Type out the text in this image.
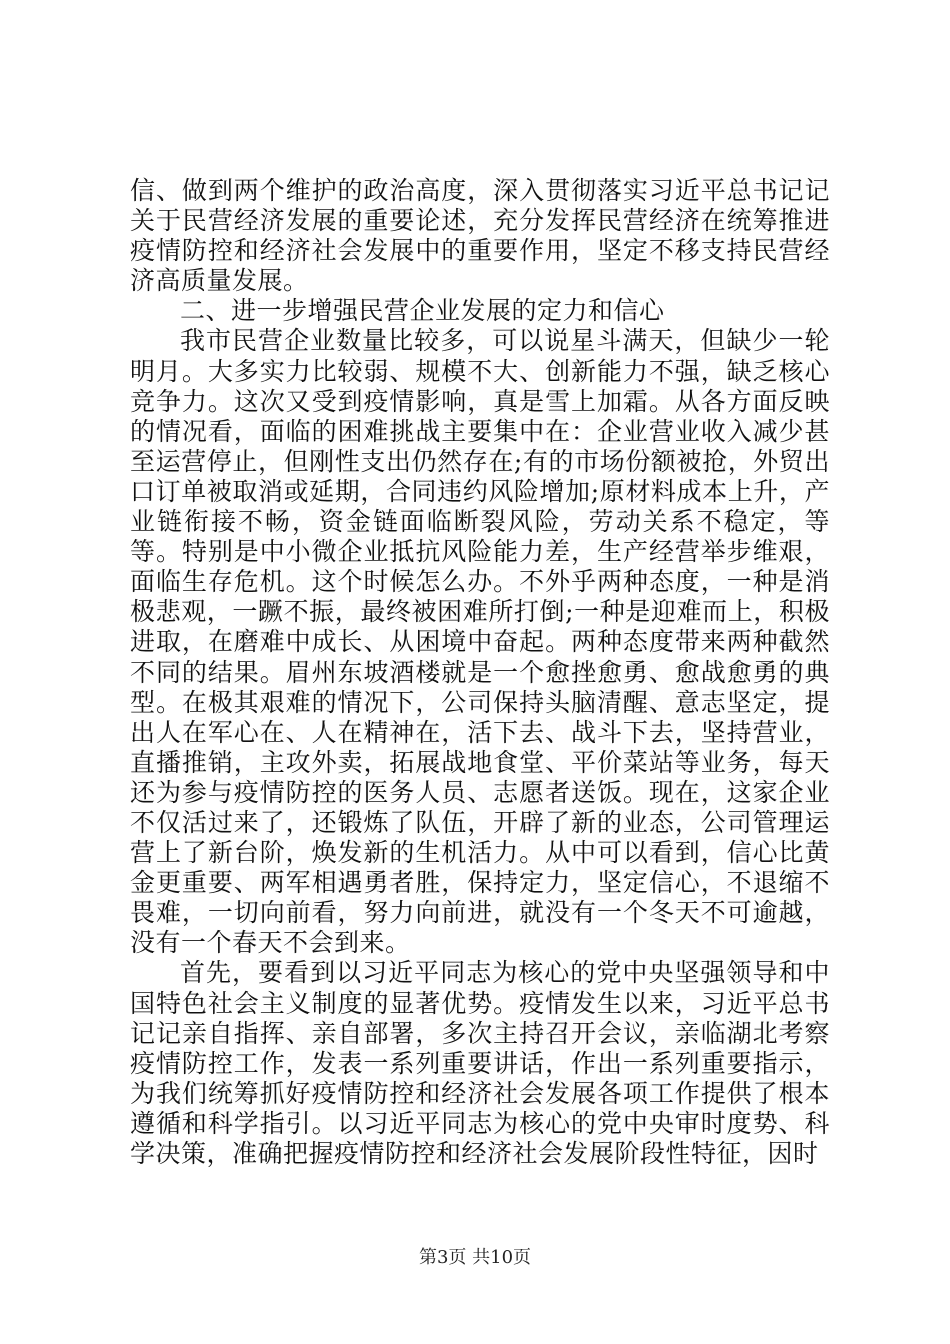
信、做到两个维护的政治高度，深入贯彻落实习近平总书记记关于民营经济发展的重要论述，充分发挥民营经济在统筹推进疫情防控和经济社会发展中的重要作用，坚定不移支持民营经济高质量发展。

二、进一步增强民营企业发展的定力和信心

我市民营企业数量比较多，可以说星斗满天，但缺少一轮明月。大多实力比较弱、规模不大、创新能力不强，缺乏核心竞争力。这次又受到疫情影响，真是雪上加霜。从各方面反映的情况看，面临的困难挑战主要集中在：企业营业收入减少甚至运营停止，但刚性支出仍然存在;有的市场份额被抢，外贸出口订单被取消或延期，合同违约风险增加;原材料成本上升，产业链衔接不畅，资金链面临断裂风险，劳动关系不稳定，等等。特别是中小微企业抵抗风险能力差，生产经营举步维艰，面临生存危机。这个时候怎么办。不外乎两种态度，一种是消极悲观，一蹶不振，最终被困难所打倒;一种是迎难而上，积极进取，在磨难中成长、从困境中奋起。两种态度带来两种截然不同的结果。眉州东坡酒楼就是一个愈挫愈勇、愈战愈勇的典型。在极其艰难的情况下，公司保持头脑清醒、意志坚定，提出人在军心在、人在精神在，活下去、战斗下去，坚持营业，直播推销，主攻外卖，拓展战地食堂、平价菜站等业务，每天还为参与疫情防控的医务人员、志愿者送饭。现在，这家企业不仅活过来了，还锻炼了队伍，开辟了新的业态，公司管理运营上了新台阶，焕发新的生机活力。从中可以看到，信心比黄金更重要、两军相遇勇者胜，保持定力，坚定信心，不退缩不畏难，一切向前看，努力向前进，就没有一个冬天不可逾越，没有一个春天不会到来。

首先，要看到以习近平同志为核心的党中央坚强领导和中国特色社会主义制度的显著优势。疫情发生以来，习近平总书记记亲自指挥、亲自部署，多次主持召开会议，亲临湖北考察疫情防控工作，发表一系列重要讲话，作出一系列重要指示，为我们统筹抓好疫情防控和经济社会发展各项工作提供了根本遵循和科学指引。以习近平同志为核心的党中央审时度势、科学决策，准确把握疫情防控和经济社会发展阶段性特征，因时

第3页 共10页
